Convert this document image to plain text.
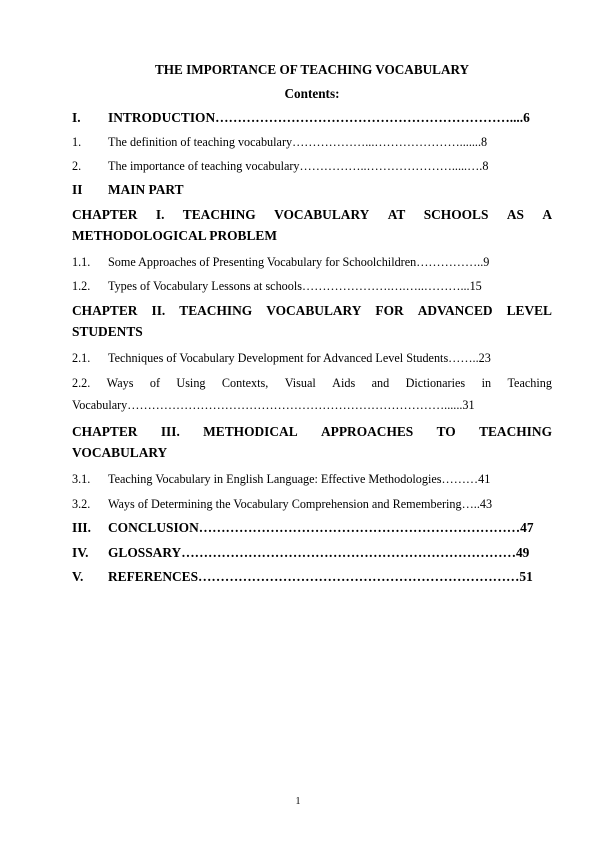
THE IMPORTANCE OF TEACHING VOCABULARY
Contents:
I. INTRODUCTION…………………………………………………………....6
1. The definition of teaching vocabulary………………...………………….......8
2. The importance of teaching vocabulary……………..………………….....….8
II MAIN PART
CHAPTER I. TEACHING VOCABULARY AT SCHOOLS AS A
METHODOLOGICAL PROBLEM
1.1. Some Approaches of Presenting Vocabulary for Schoolchildren……………..9
1.2. Types of Vocabulary Lessons at schools………………….….…..………...15
CHAPTER II. TEACHING VOCABULARY FOR ADVANCED LEVEL
STUDENTS
2.1. Techniques of Vocabulary Development for Advanced Level Students……..23
2.2. Ways of Using Contexts, Visual Aids and Dictionaries in Teaching
Vocabulary……………………………………………………………………......31
CHAPTER III. METHODICAL APPROACHES TO TEACHING
VOCABULARY
3.1. Teaching Vocabulary in English Language: Effective Methodologies………41
3.2. Ways of Determining the Vocabulary Comprehension and Remembering…..43
III. CONCLUSION………………………………………………………………47
IV. GLOSSARY…………………………………………………………………49
V. REFERENCES………………………………………………………………51
1
